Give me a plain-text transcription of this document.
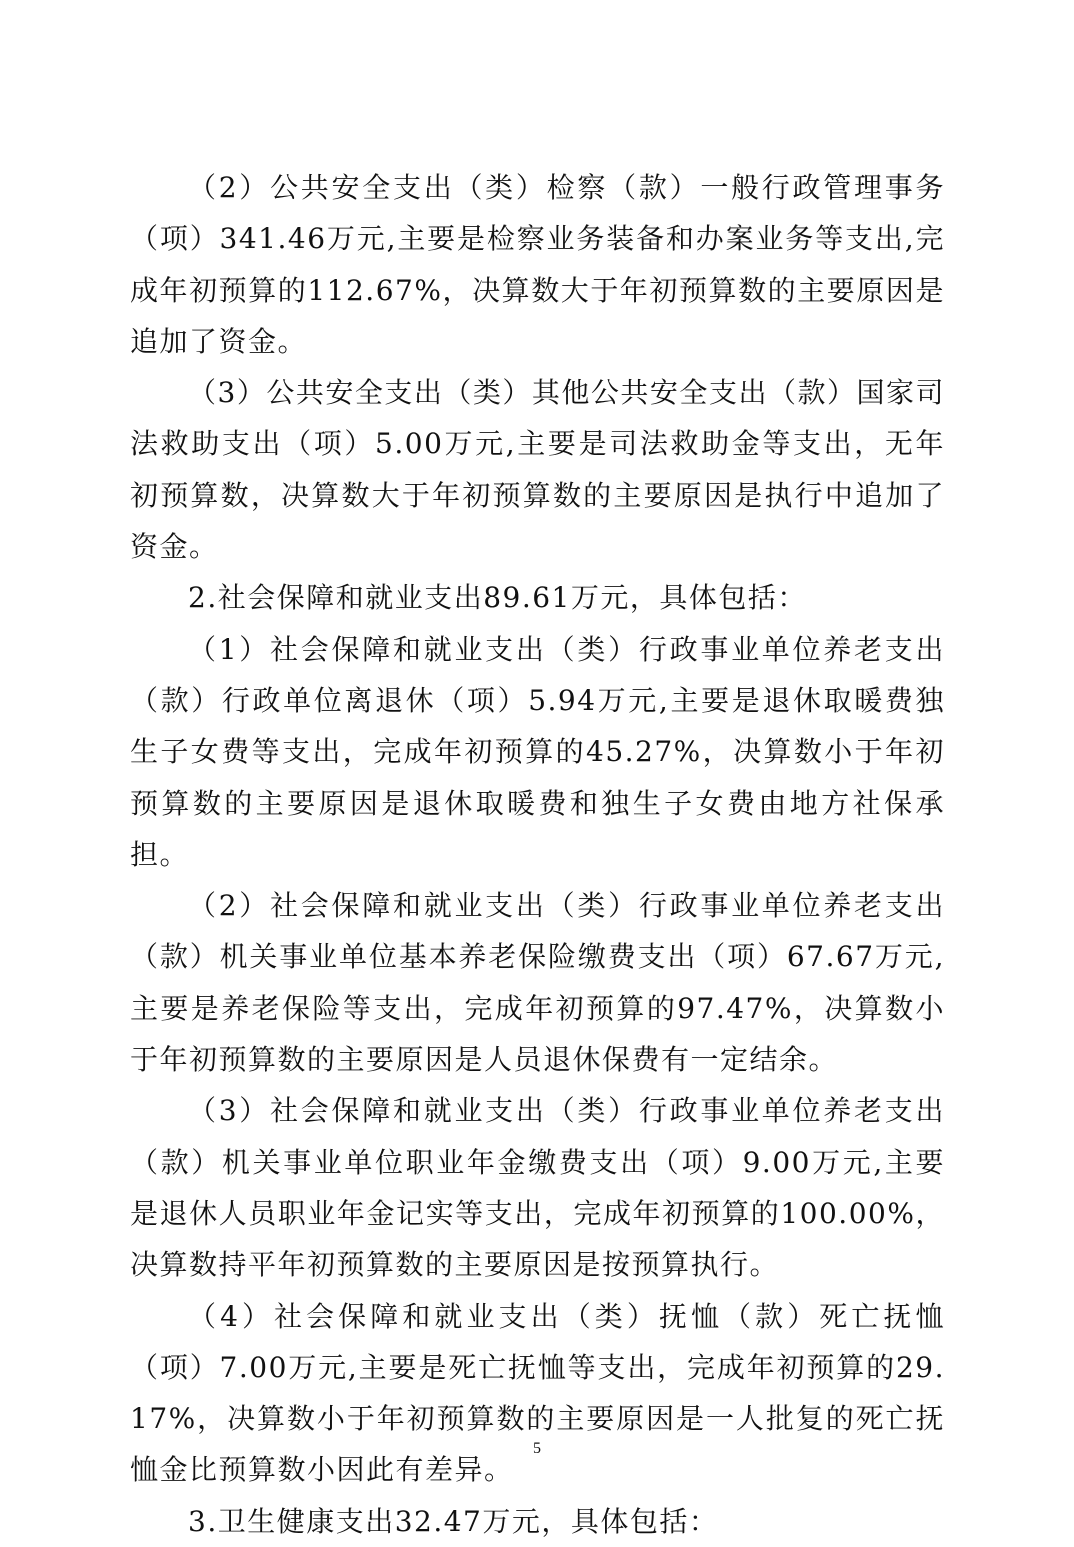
（2）公共安全支出（类）检察（款）一般行政管理事务（项）341.46万元,主要是检察业务装备和办案业务等支出,完成年初预算的112.67%，决算数大于年初预算数的主要原因是追加了资金。

（3）公共安全支出（类）其他公共安全支出（款）国家司法救助支出（项）5.00万元,主要是司法救助金等支出，无年初预算数，决算数大于年初预算数的主要原因是执行中追加了资金。

2.社会保障和就业支出89.61万元，具体包括：

（1）社会保障和就业支出（类）行政事业单位养老支出（款）行政单位离退休（项）5.94万元,主要是退休取暖费独生子女费等支出，完成年初预算的45.27%，决算数小于年初预算数的主要原因是退休取暖费和独生子女费由地方社保承担。

（2）社会保障和就业支出（类）行政事业单位养老支出（款）机关事业单位基本养老保险缴费支出（项）67.67万元,主要是养老保险等支出，完成年初预算的97.47%，决算数小于年初预算数的主要原因是人员退休保费有一定结余。

（3）社会保障和就业支出（类）行政事业单位养老支出（款）机关事业单位职业年金缴费支出（项）9.00万元,主要是退休人员职业年金记实等支出，完成年初预算的100.00%，决算数持平年初预算数的主要原因是按预算执行。

（4）社会保障和就业支出（类）抚恤（款）死亡抚恤（项）7.00万元,主要是死亡抚恤等支出，完成年初预算的29.17%，决算数小于年初预算数的主要原因是一人批复的死亡抚恤金比预算数小因此有差异。

3.卫生健康支出32.47万元，具体包括：

5
